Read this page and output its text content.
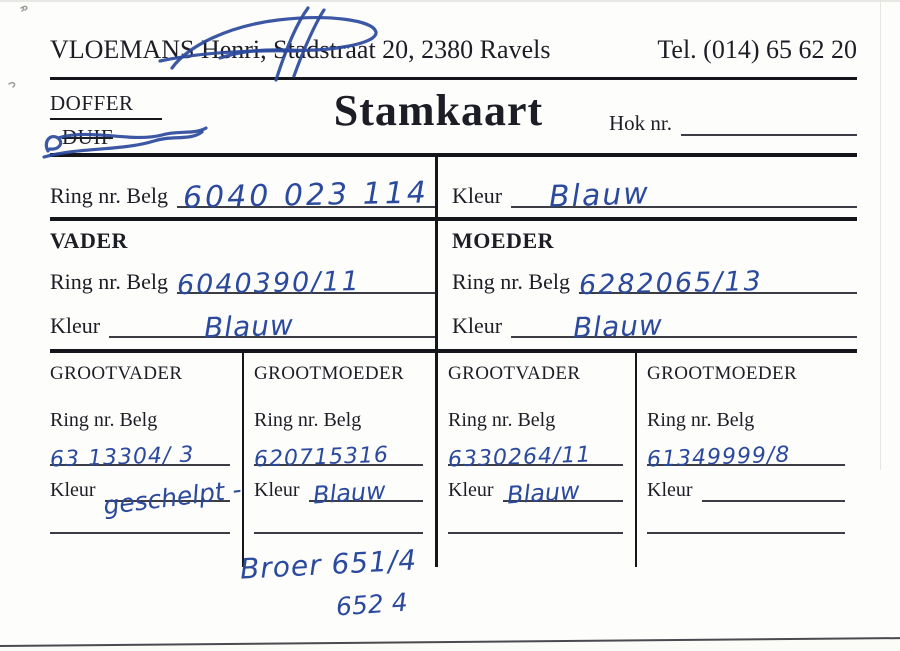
VLOEMANS Henri, Stadstraat 20, 2380 Ravels	Tel. (014) 65 62 20
DOFFER
DUIF
Stamkaart	Hok nr.
Ring nr. Belg 6040 023 114 Kleur Blauw
VADER
Ring nr. Belg 6040390/11
Kleur	Blauw
MOEDER
Ring nr. Belg 6282065/13
Kleur	Blauw
GROOTVADER
Ring nr. Belg
63 13304/ 3
Kleur geschelpt -
GROOTMOEDER
Ring nr. Belg
620715316
Kleur Blauw
Broer 651/4
652 4
GROOTVADER
Ring nr. Belg
6330264/11
Kleur Blauw
GROOTMOEDER
Ring nr. Belg
61349999/8
Kleur
